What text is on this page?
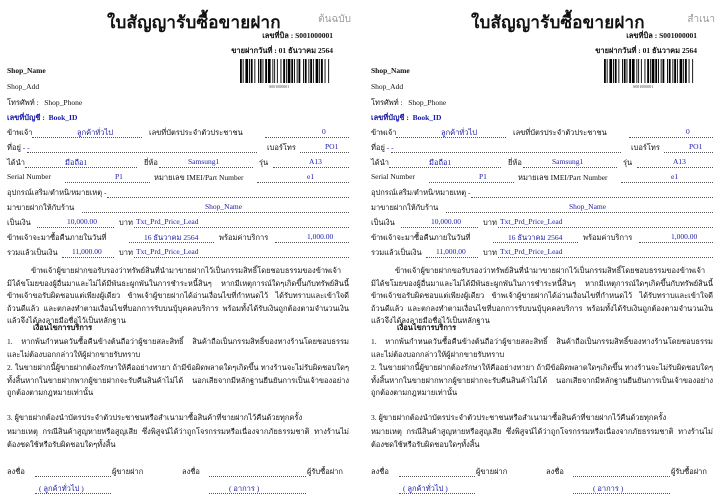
ใบสัญญารับซื้อขายฝาก	ต้นฉบับ
เลขที่บิล : S001000001
ขายฝากวันที่ : 01 ธันวาคม 2564
S001000001
Shop_Name
Shop_Add
โทรศัพท์ : Shop_Phone
เลขที่บัญชี : Book_ID
ข้าพเจ้า	ลูกค้าทั่วไป	เลขที่บัตรประจำตัวประชาชน	0
ที่อยู่ - -	เบอร์โทร	PO1
ได้นำ	มือถือ1	ยี่ห้อ	Samsung1	รุ่น	A13
Serial Number	P1	หมายเลข IMEI/Part Number	e1
อุปกรณ์เสริม/ตำหนิ/หมายเหตุ -
มาขายฝากให้กับร้าน	Shop_Name
เป็นเงิน	10,000.00	บาท Txt_Prd_Price_Lead
ข้าพเจ้าจะมาซื้อคืนภายในวันที่	16 ธันวาคม 2564	พร้อมค่าบริการ	1,000.00
รวมแล้วเป็นเงิน 11,000.00 บาท Txt_Prd_Price_Lead
ข้าพเจ้าผู้ขายฝากขอรับรองว่าทรัพย์สินที่นำมาขายฝากไว้เป็นกรรมสิทธิ์โดยชอบธรรมของข้าพเจ้า มิได้ขโมยของผู้อื่นมาและไม่ได้มีพันธะผูกพันในการชำระหนี้สินๆ หากมีเหตุการณ์ใดๆเกิดขึ้นกับทรัพย์สินนี้ ข้าพเจ้าขอรับผิดชอบแต่เพียงผู้เดียว ข้าพเจ้าผู้ขายฝากได้อ่านเงื่อนไขที่กำหนดไว้ ได้รับทราบและเข้าใจดีถ้วนดีแล้ว และตกลงทำตามเงื่อนไขที่บอกการรับบนบุ้บุคคลบริการ พร้อมทั้งได้รับเงินถูกต้องตามจำนวนเงินแล้วจึงได้ลงลายมือชื่อไว้เป็นหลักฐาน
เงื่อนไขการบริการ
1. หากพ้นกำหนดวันซื้อคืนข้างต้นถือว่าผู้ขายสละสิทธิ์ สินค้าถือเป็นกรรมสิทธิ์ของทางร้านโดยชอบธรรม และไม่ต้องบอกกล่าวให้ผู้ฝากขายรับทราบ
2. ในขายฝากนี้ผู้ขายฝากต้องรักษาให้คืออย่างทายา ถ้ามีข้อผิดพลาดใดๆเกิดขึ้น ทางร้านจะไม่รับผิดชอบใดๆทั้งสิ้นหากในขายฝากพากผู้ขายฝากจะรับคืนสินค้าไม่ได้ นอกเสียจากมีหลักฐานยืนยันการเป็นเจ้าของอย่างถูกต้องตามกฎหมายเท่านั้น
3. ผู้ขายฝากต้องนำบัตรประจำตัวประชาชนหรือสำเนามาซื้อสินค้าที่ขายฝากไว้คืนด้วยทุกครั้ง
หมายเหตุ กรณีสินค้าสูญหายหรือสูญเสีย ซึ่งพิสูจน์ได้ว่าถูกโจรกรรมหรือเนื่องจากภัยธรรมชาติ ทางร้านไม่ต้องชดใช้หรือรับผิดชอบใดๆทั้งสิ้น
ลงชื่อ	ผู้ขายฝาก	ลงชื่อ	ผู้รับซื้อฝาก
( ลูกค้าทั่วไป )	( อาการ )
ใบสัญญารับซื้อขายฝาก	สำเนา
เลขที่บิล : S001000001
ขายฝากวันที่ : 01 ธันวาคม 2564
S001000001
Shop_Name
Shop_Add
โทรศัพท์ : Shop_Phone
เลขที่บัญชี : Book_ID
ข้าพเจ้า	ลูกค้าทั่วไป	เลขที่บัตรประจำตัวประชาชน	0
ที่อยู่ - -	เบอร์โทร	PO1
ได้นำ	มือถือ1	ยี่ห้อ	Samsung1	รุ่น	A13
Serial Number	P1	หมายเลข IMEI/Part Number	e1
อุปกรณ์เสริม/ตำหนิ/หมายเหตุ -
มาขายฝากให้กับร้าน	Shop_Name
เป็นเงิน	10,000.00	บาท Txt_Prd_Price_Lead
ข้าพเจ้าจะมาซื้อคืนภายในวันที่	16 ธันวาคม 2564	พร้อมค่าบริการ	1,000.00
รวมแล้วเป็นเงิน 11,000.00 บาท Txt_Prd_Price_Lead
ข้าพเจ้าผู้ขายฝากขอรับรองว่าทรัพย์สินที่นำมาขายฝากไว้เป็นกรรมสิทธิ์โดยชอบธรรมของข้าพเจ้า มิได้ขโมยของผู้อื่นมาและไม่ได้มีพันธะผูกพันในการชำระหนี้สินๆ หากมีเหตุการณ์ใดๆเกิดขึ้นกับทรัพย์สินนี้ ข้าพเจ้าขอรับผิดชอบแต่เพียงผู้เดียว ข้าพเจ้าผู้ขายฝากได้อ่านเงื่อนไขที่กำหนดไว้ ได้รับทราบและเข้าใจดีถ้วนดีแล้ว และตกลงทำตามเงื่อนไขที่บอกการรับบนบุ้บุคคลบริการ พร้อมทั้งได้รับเงินถูกต้องตามจำนวนเงินแล้วจึงได้ลงลายมือชื่อไว้เป็นหลักฐาน
เงื่อนไขการบริการ
1. หากพ้นกำหนดวันซื้อคืนข้างต้นถือว่าผู้ขายสละสิทธิ์ สินค้าถือเป็นกรรมสิทธิ์ของทางร้านโดยชอบธรรม และไม่ต้องบอกกล่าวให้ผู้ฝากขายรับทราบ
2. ในขายฝากนี้ผู้ขายฝากต้องรักษาให้คืออย่างทายา ถ้ามีข้อผิดพลาดใดๆเกิดขึ้น ทางร้านจะไม่รับผิดชอบใดๆทั้งสิ้นหากในขายฝากพากผู้ขายฝากจะรับคืนสินค้าไม่ได้ นอกเสียจากมีหลักฐานยืนยันการเป็นเจ้าของอย่างถูกต้องตามกฎหมายเท่านั้น
3. ผู้ขายฝากต้องนำบัตรประจำตัวประชาชนหรือสำเนามาซื้อสินค้าที่ขายฝากไว้คืนด้วยทุกครั้ง
หมายเหตุ กรณีสินค้าสูญหายหรือสูญเสีย ซึ่งพิสูจน์ได้ว่าถูกโจรกรรมหรือเนื่องจากภัยธรรมชาติ ทางร้านไม่ต้องชดใช้หรือรับผิดชอบใดๆทั้งสิ้น
ลงชื่อ	ผู้ขายฝาก	ลงชื่อ	ผู้รับซื้อฝาก
( ลูกค้าทั่วไป )	( อาการ )
